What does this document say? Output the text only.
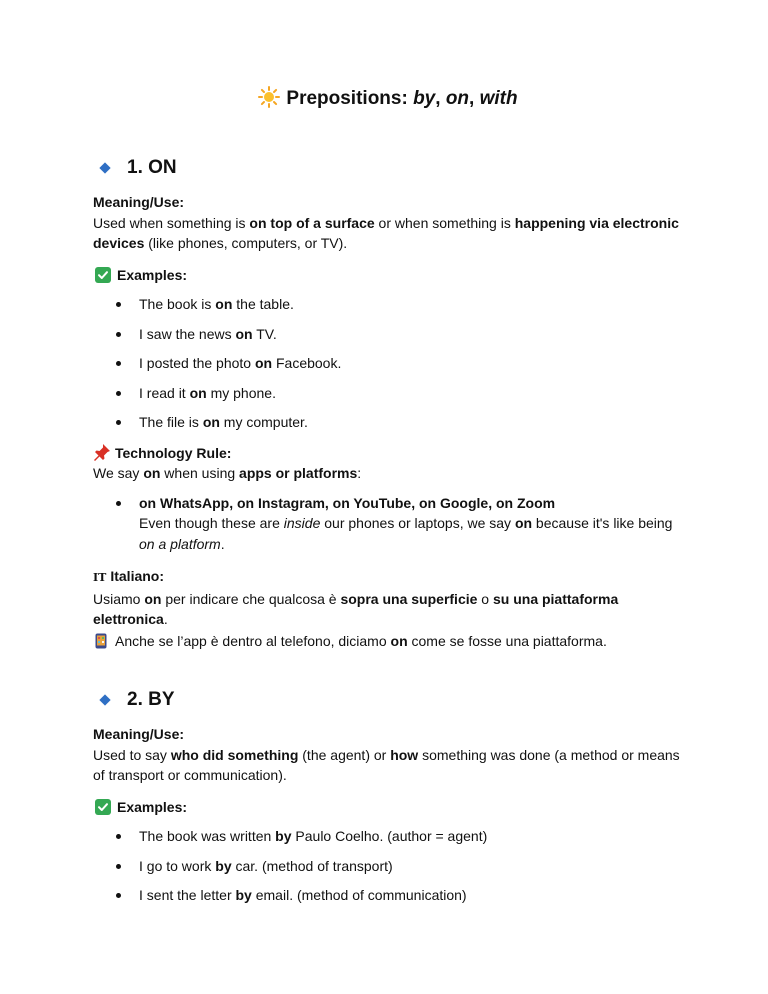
Prepositions: by, on, with
1. ON

Meaning/Use:

Used when something is on top of a surface or when something is happening via electronic devices (like phones, computers, or TV).

Examples:
The book is on the table.
I saw the news on TV.
I posted the photo on Facebook.
I read it on my phone.
The file is on my computer.

Technology Rule:

We say on when using apps or platforms:

on WhatsApp, on Instagram, on YouTube, on Google, on Zoom
Even though these are inside our phones or laptops, we say on because it's like being on a platform.

IT Italiano:

Usiamo on per indicare che qualcosa è sopra una superficie o su una piattaforma elettronica.

Anche se l’app è dentro al telefono, diciamo on come se fosse una piattaforma.

2. BY

Meaning/Use:

Used to say who did something (the agent) or how something was done (a method or means of transport or communication).

Examples:
The book was written by Paulo Coelho. (author = agent)
I go to work by car. (method of transport)
I sent the letter by email. (method of communication)
